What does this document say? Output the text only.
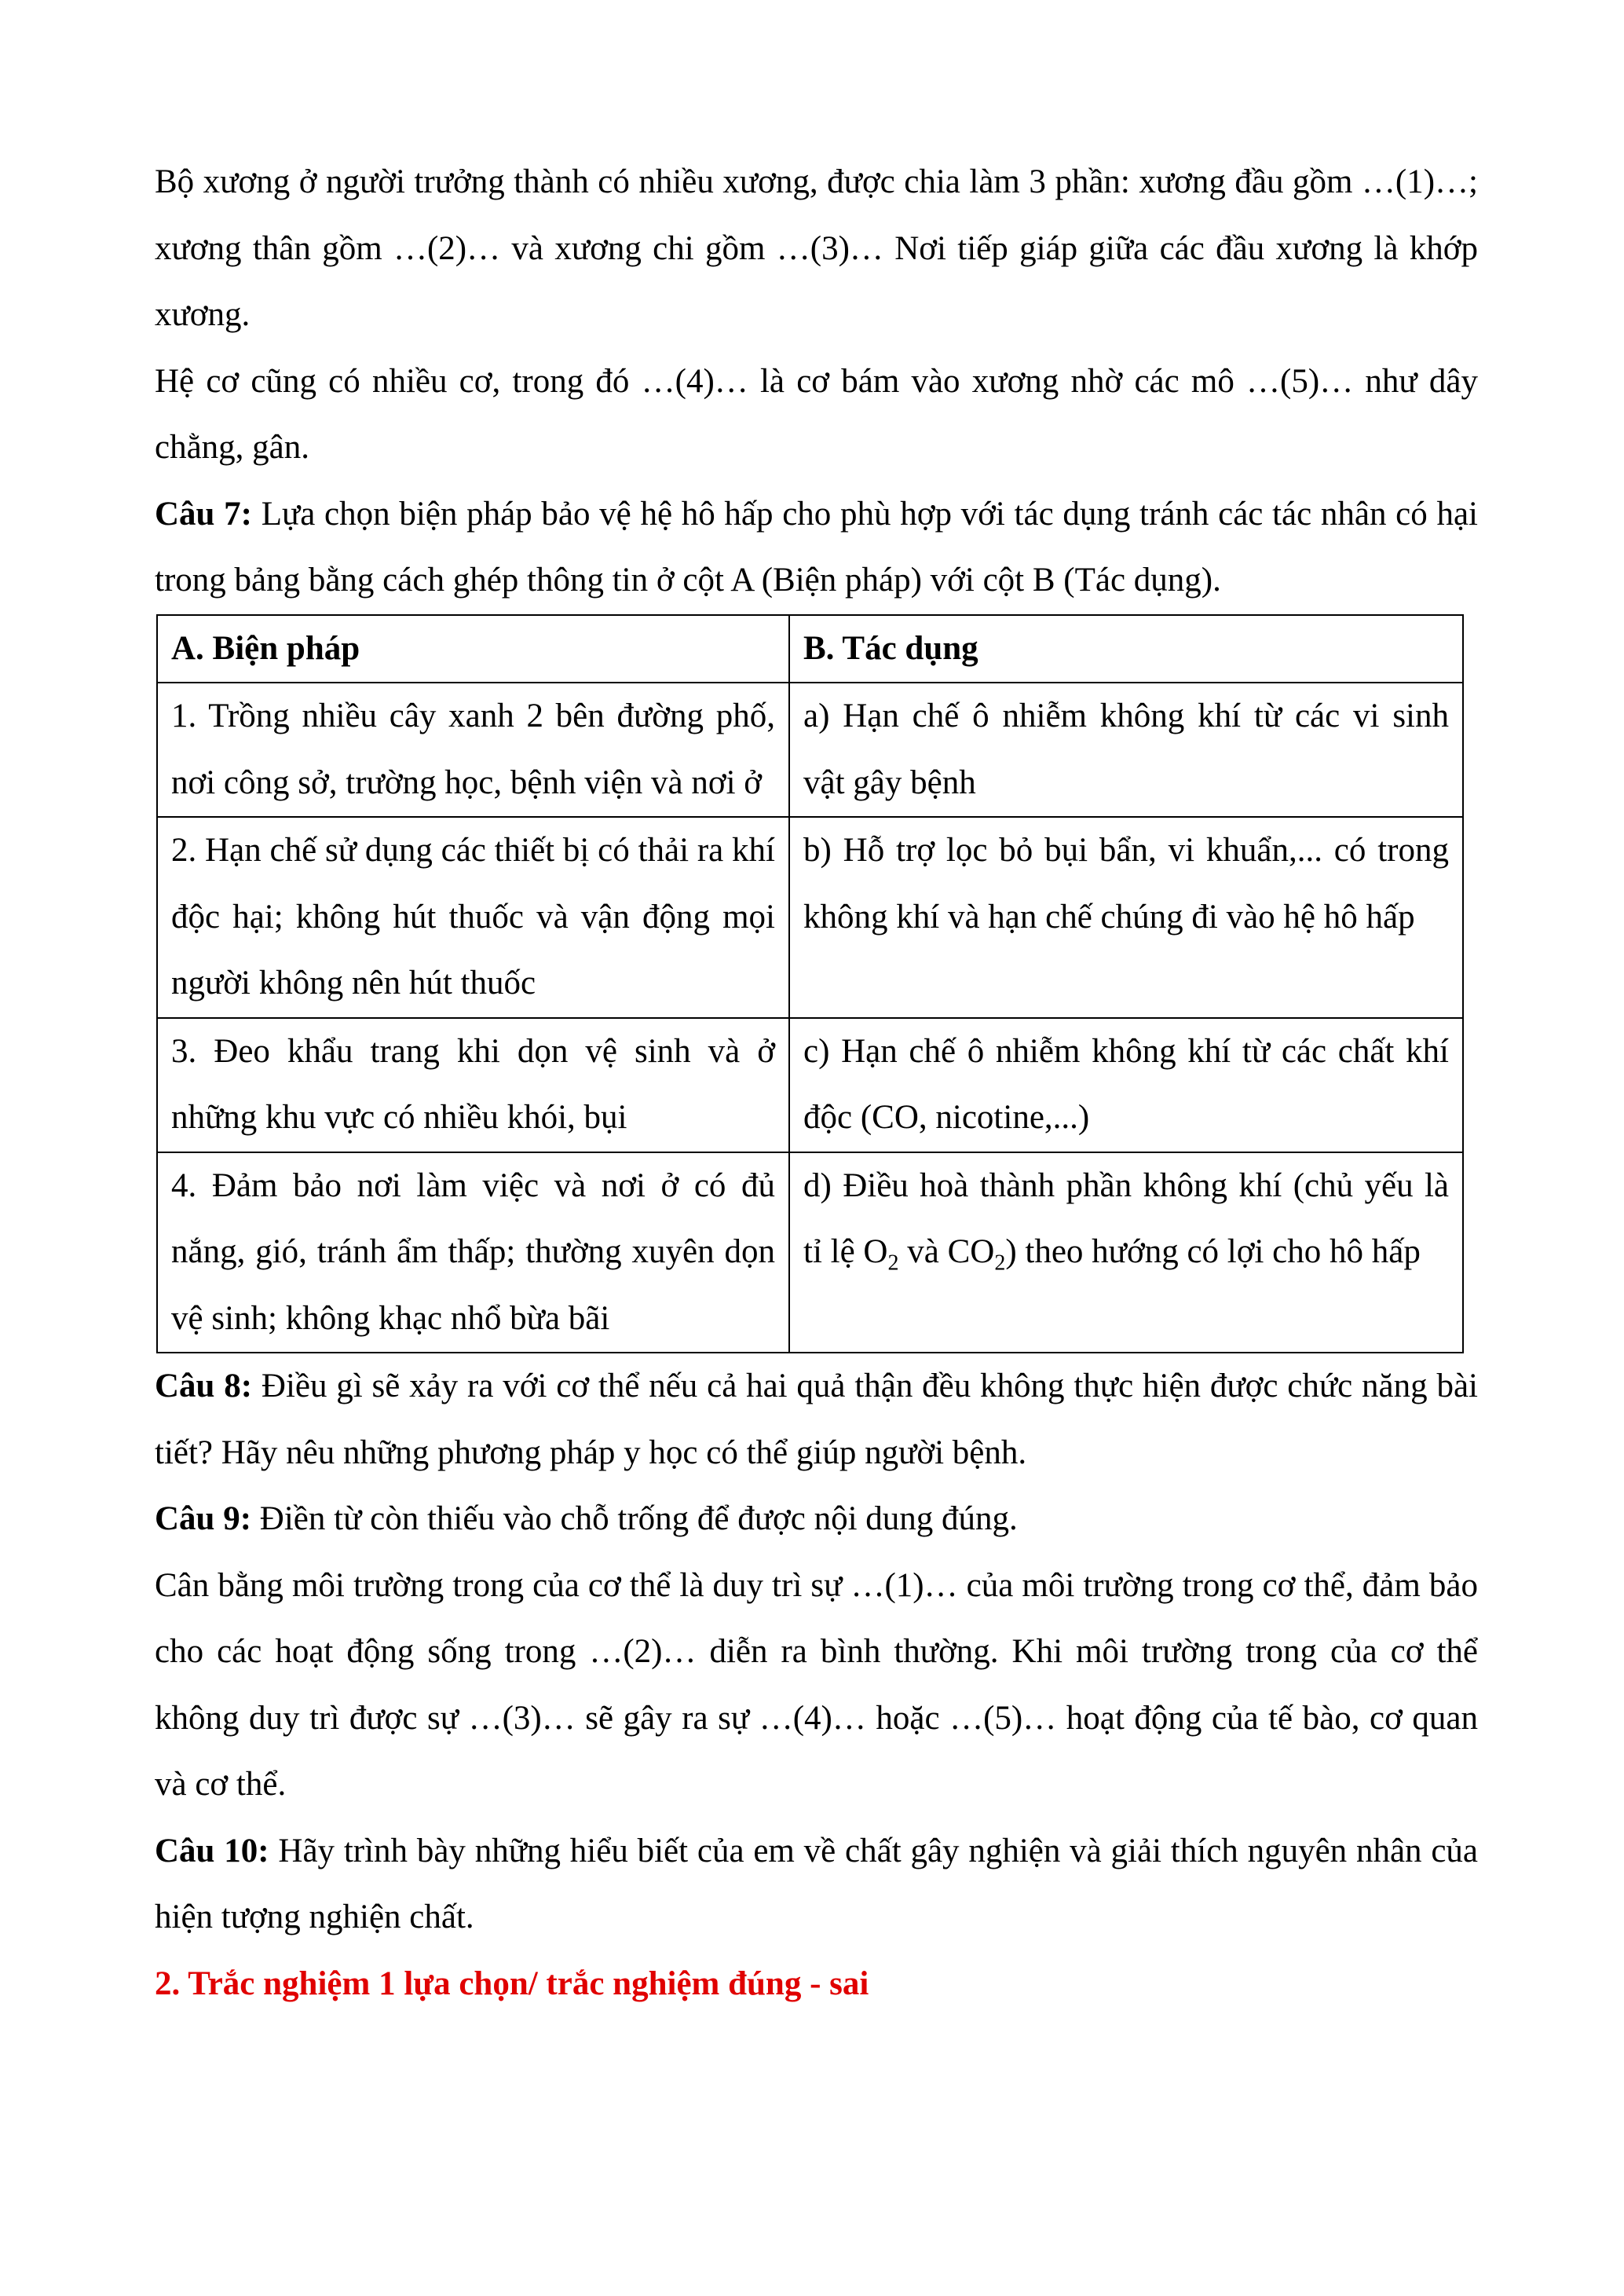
Bộ xương ở người trưởng thành có nhiều xương, được chia làm 3 phần: xương đầu gồm …(1)…; xương thân gồm …(2)… và xương chi gồm …(3)… Nơi tiếp giáp giữa các đầu xương là khớp xương.

Hệ cơ cũng có nhiều cơ, trong đó …(4)… là cơ bám vào xương nhờ các mô …(5)… như dây chằng, gân.

Câu 7: Lựa chọn biện pháp bảo vệ hệ hô hấp cho phù hợp với tác dụng tránh các tác nhân có hại trong bảng bằng cách ghép thông tin ở cột A (Biện pháp) với cột B (Tác dụng).

A. Biện pháp	B. Tác dụng
1. Trồng nhiều cây xanh 2 bên đường phố, nơi công sở, trường học, bệnh viện và nơi ở	a) Hạn chế ô nhiễm không khí từ các vi sinh vật gây bệnh
2. Hạn chế sử dụng các thiết bị có thải ra khí độc hại; không hút thuốc và vận động mọi người không nên hút thuốc	b) Hỗ trợ lọc bỏ bụi bẩn, vi khuẩn,... có trong không khí và hạn chế chúng đi vào hệ hô hấp
3. Đeo khẩu trang khi dọn vệ sinh và ở những khu vực có nhiều khói, bụi	c) Hạn chế ô nhiễm không khí từ các chất khí độc (CO, nicotine,...)
4. Đảm bảo nơi làm việc và nơi ở có đủ nắng, gió, tránh ẩm thấp; thường xuyên dọn vệ sinh; không khạc nhổ bừa bãi	d) Điều hoà thành phần không khí (chủ yếu là tỉ lệ $O_2$ và $CO_2$) theo hướng có lợi cho hô hấp

Câu 8: Điều gì sẽ xảy ra với cơ thể nếu cả hai quả thận đều không thực hiện được chức năng bài tiết? Hãy nêu những phương pháp y học có thể giúp người bệnh.

Câu 9: Điền từ còn thiếu vào chỗ trống để được nội dung đúng.

Cân bằng môi trường trong của cơ thể là duy trì sự …(1)… của môi trường trong cơ thể, đảm bảo cho các hoạt động sống trong …(2)… diễn ra bình thường. Khi môi trường trong của cơ thể không duy trì được sự …(3)… sẽ gây ra sự …(4)… hoặc …(5)… hoạt động của tế bào, cơ quan và cơ thể.

Câu 10: Hãy trình bày những hiểu biết của em về chất gây nghiện và giải thích nguyên nhân của hiện tượng nghiện chất.

2. Trắc nghiệm 1 lựa chọn/ trắc nghiệm đúng - sai
